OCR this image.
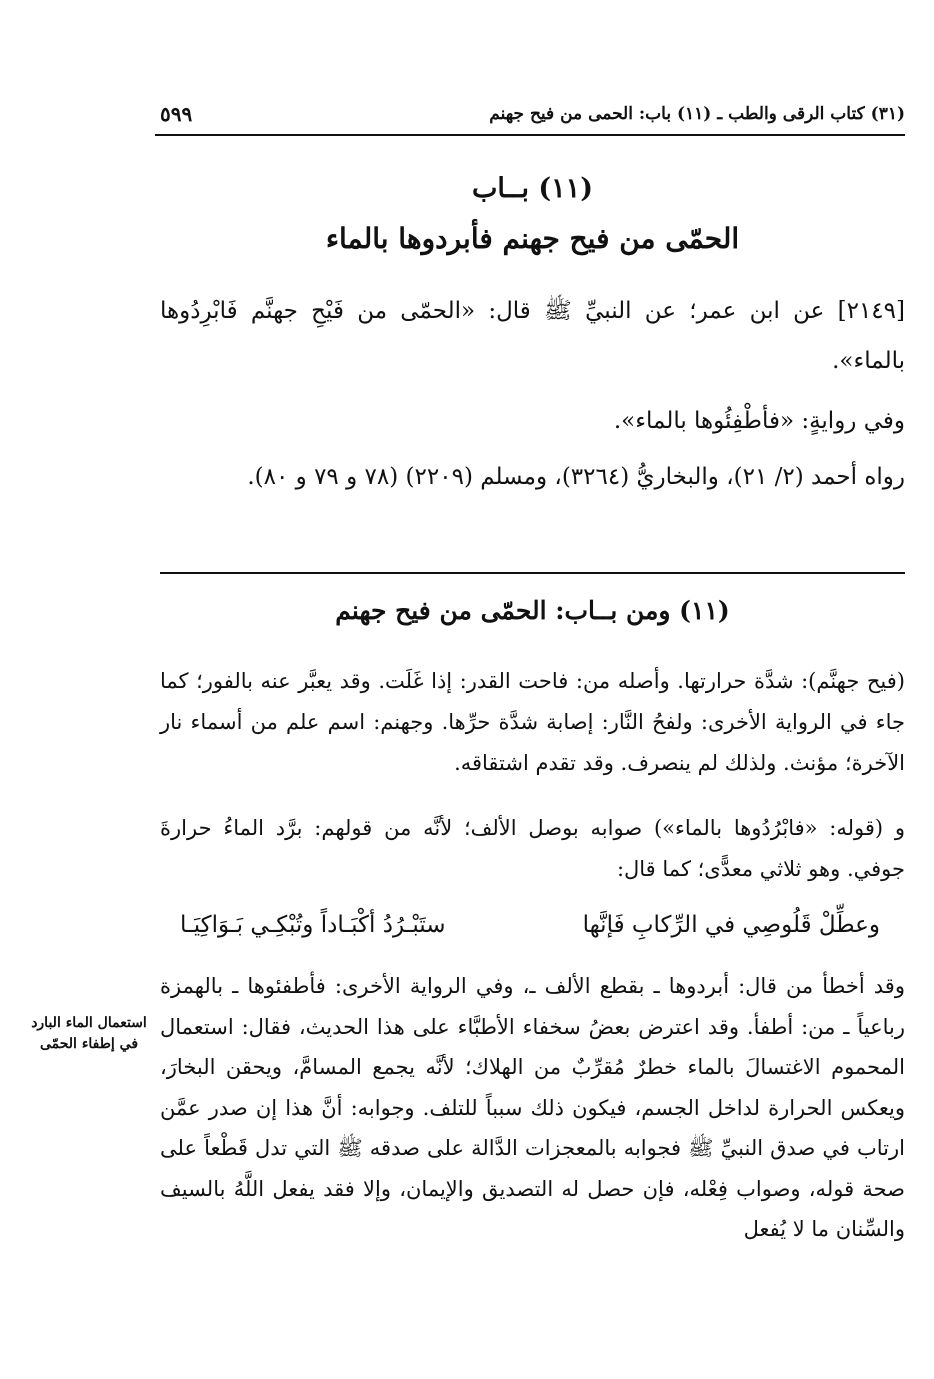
(٣١) كتاب الرقى والطب ـ (١١) باب: الحمى من فيح جهنم
٥٩٩
(١١) بــاب
الحمّى من فيح جهنم فأبردوها بالماء
[٢١٤٩] عن ابن عمر؛ عن النبيِّ ﷺ قال: «الحمّى من فَيْحِ جهنَّم فَابْرِدُوها بالماء».
وفي روايةٍ: «فأطْفِئُوها بالماء».
رواه أحمد (٢/ ٢١)، والبخاريُّ (٣٢٦٤)، ومسلم (٢٢٠٩) (٧٨ و ٧٩ و ٨٠).
(١١) ومن بــاب: الحمّى من فيح جهنم
(فيح جهنَّم): شدَّة حرارتها. وأصله من: فاحت القدر: إذا غَلَت. وقد يعبَّر عنه بالفور؛ كما جاء في الرواية الأخرى: ولفحُ النَّار: إصابة شدَّة حرِّها. وجهنم: اسم علم من أسماء نار الآخرة؛ مؤنث. ولذلك لم ينصرف. وقد تقدم اشتقاقه.
و (قوله: «فابْرُدُوها بالماء») صوابه بوصل الألف؛ لأنَّه من قولهم: برَّد الماءُ حرارةَ جوفي. وهو ثلاثي معدًّى؛ كما قال:
وعطِّلْ قَلُوصِي في الرِّكابِ فَإنَّها
ستَبْـرُدُ أكْبَـاداً وتُبْكِـي بَـوَاكِيَـا
وقد أخطأ من قال: أبردوها ـ بقطع الألف ـ، وفي الرواية الأخرى: فأطفئوها ـ بالهمزة رباعياً ـ من: أطفأ. وقد اعترض بعضُ سخفاء الأطبَّاء على هذا الحديث، فقال: استعمال المحموم الاغتسالَ بالماء خطرٌ مُقرِّبٌ من الهلاك؛ لأنَّه يجمع المسامَّ، ويحقن البخارَ، ويعكس الحرارة لداخل الجسم، فيكون ذلك سبباً للتلف. وجوابه: أنَّ هذا إن صدر عمَّن ارتاب في صدق النبيِّ ﷺ فجوابه بالمعجزات الدَّالة على صدقه ﷺ التي تدل قَطْعاً على صحة قوله، وصواب فِعْله، فإن حصل له التصديق والإيمان، وإلا فقد يفعل اللَّهُ بالسيف والسِّنان ما لا يُفعل
استعمال الماء البارد في إطفاء الحمّى
